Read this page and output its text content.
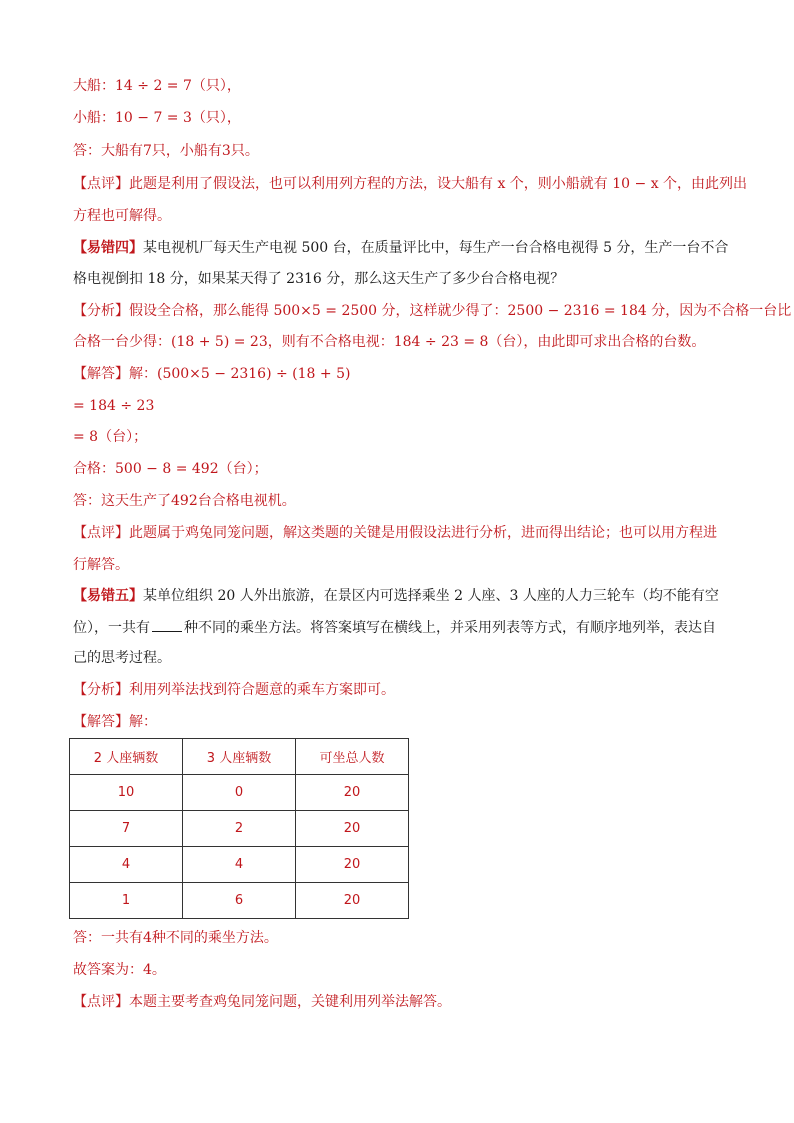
大船：14 ÷ 2 = 7（只），
小船：10 − 7 = 3（只），
答：大船有7只，小船有3只。
【点评】此题是利用了假设法，也可以利用列方程的方法，设大船有 x 个，则小船就有 10 − x 个，由此列出
方程也可解得。
【易错四】某电视机厂每天生产电视 500 台，在质量评比中，每生产一台合格电视得 5 分，生产一台不合
格电视倒扣 18 分，如果某天得了 2316 分，那么这天生产了多少台合格电视？
【分析】假设全合格，那么能得 500×5 = 2500 分，这样就少得了：2500 − 2316 = 184 分，因为不合格一台比
合格一台少得：(18 + 5) = 23，则有不合格电视：184 ÷ 23 = 8（台），由此即可求出合格的台数。
【解答】解：(500×5 − 2316) ÷ (18 + 5)
= 184 ÷ 23
= 8（台）；
合格：500 − 8 = 492（台）；
答：这天生产了492台合格电视机。
【点评】此题属于鸡兔同笼问题，解这类题的关键是用假设法进行分析，进而得出结论；也可以用方程进
行解答。
【易错五】某单位组织 20 人外出旅游，在景区内可选择乘坐 2 人座、3 人座的人力三轮车（均不能有空
位），一共有 种不同的乘坐方法。将答案填写在横线上，并采用列表等方式，有顺序地列举，表达自
己的思考过程。
【分析】利用列举法找到符合题意的乘车方案即可。
【解答】解：
2 人座辆数	3 人座辆数	可坐总人数
10	0	20
7	2	20
4	4	20
1	6	20
答：一共有4种不同的乘坐方法。
故答案为：4。
【点评】本题主要考查鸡兔同笼问题，关键利用列举法解答。
